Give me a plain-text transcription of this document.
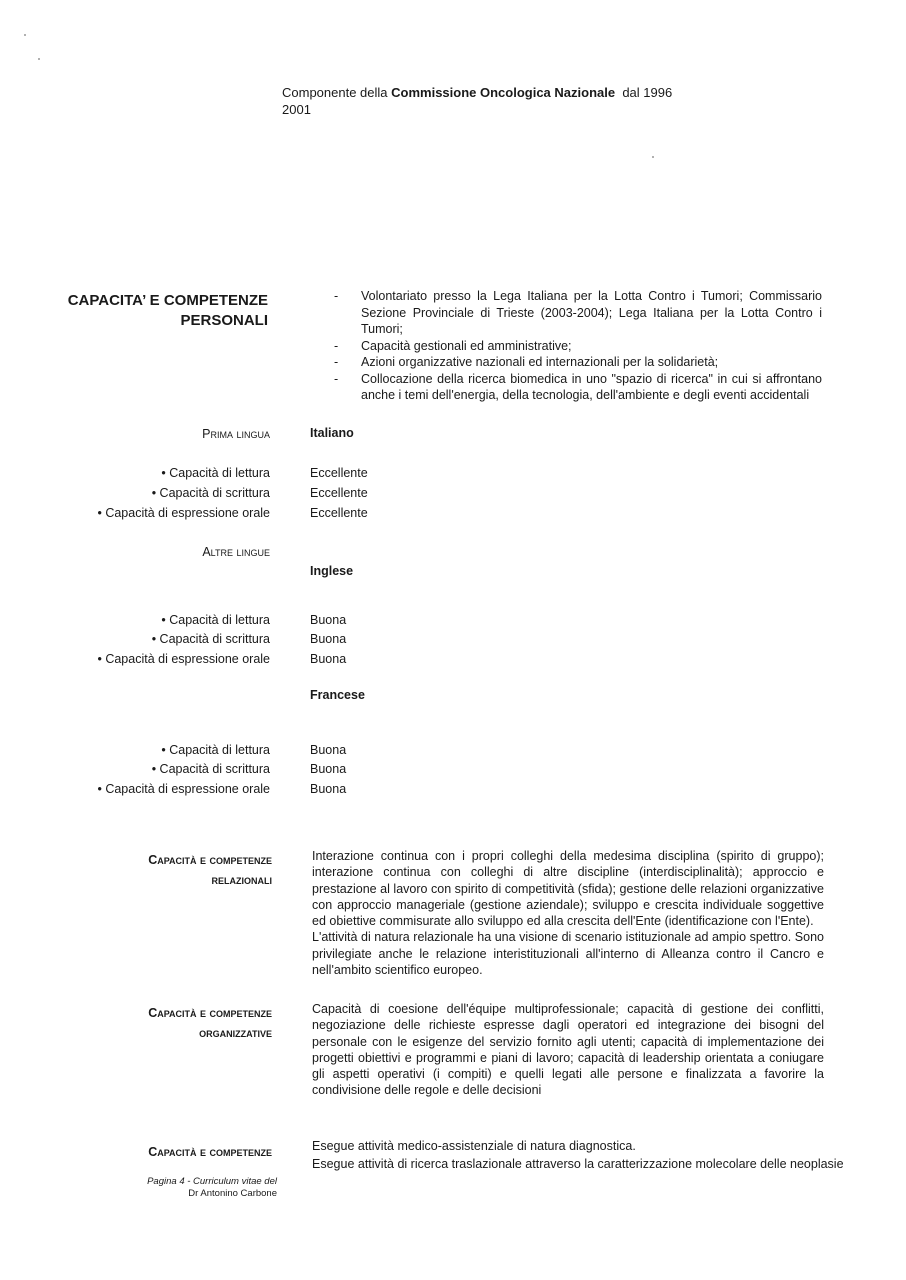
Componente della Commissione Oncologica Nazionale  dal 1996
2001
CAPACITA’ E COMPETENZE
PERSONALI
- Volontariato presso la Lega Italiana per la Lotta Contro i Tumori; Commissario Sezione Provinciale di Trieste (2003-2004); Lega Italiana per la Lotta Contro i Tumori;
- Capacità gestionali ed amministrative;
- Azioni organizzative nazionali ed internazionali per la solidarietà;
- Collocazione della ricerca biomedica in uno "spazio di ricerca" in cui si affrontano anche i temi dell'energia, della tecnologia, dell'ambiente e degli eventi accidentali
Prima lingua	Italiano
• Capacità di lettura
• Capacità di scrittura
• Capacità di espressione orale
Eccellente
Eccellente
Eccellente
Altre lingue
Inglese
• Capacità di lettura
• Capacità di scrittura
• Capacità di espressione orale
Buona
Buona
Buona
Francese
• Capacità di lettura
• Capacità di scrittura
• Capacità di espressione orale
Buona
Buona
Buona
Capacità e competenze
relazionali
Interazione continua con i propri colleghi della medesima disciplina (spirito di gruppo); interazione continua con colleghi di altre discipline (interdisciplinalità); approccio e prestazione al lavoro con spirito di competitività (sfida); gestione delle relazioni organizzative con approccio manageriale (gestione aziendale); sviluppo e crescita individuale soggettive ed obiettive commisurate allo sviluppo ed alla crescita dell'Ente (identificazione con l'Ente).
L'attività di natura relazionale ha una visione di scenario istituzionale ad ampio spettro. Sono privilegiate anche le relazione interistituzionali all'interno di Alleanza contro il Cancro e nell'ambito scientifico europeo.
Capacità e competenze
organizzative
Capacità di coesione dell'équipe multiprofessionale; capacità di gestione dei conflitti, negoziazione delle richieste espresse dagli operatori ed integrazione dei bisogni del personale con le esigenze del servizio fornito agli utenti; capacità di implementazione dei progetti obiettivi e programmi e piani di lavoro; capacità di leadership orientata a coniugare gli aspetti operativi (i compiti) e quelli legati alle persone e finalizzata a favorire la condivisione delle regole e delle decisioni
Capacità e competenze	Esegue attività medico-assistenziale di natura diagnostica.
Esegue attività di ricerca traslazionale attraverso la caratterizzazione molecolare delle neoplasie
Pagina 4 - Curriculum vitae del
Dr Antonino Carbone
